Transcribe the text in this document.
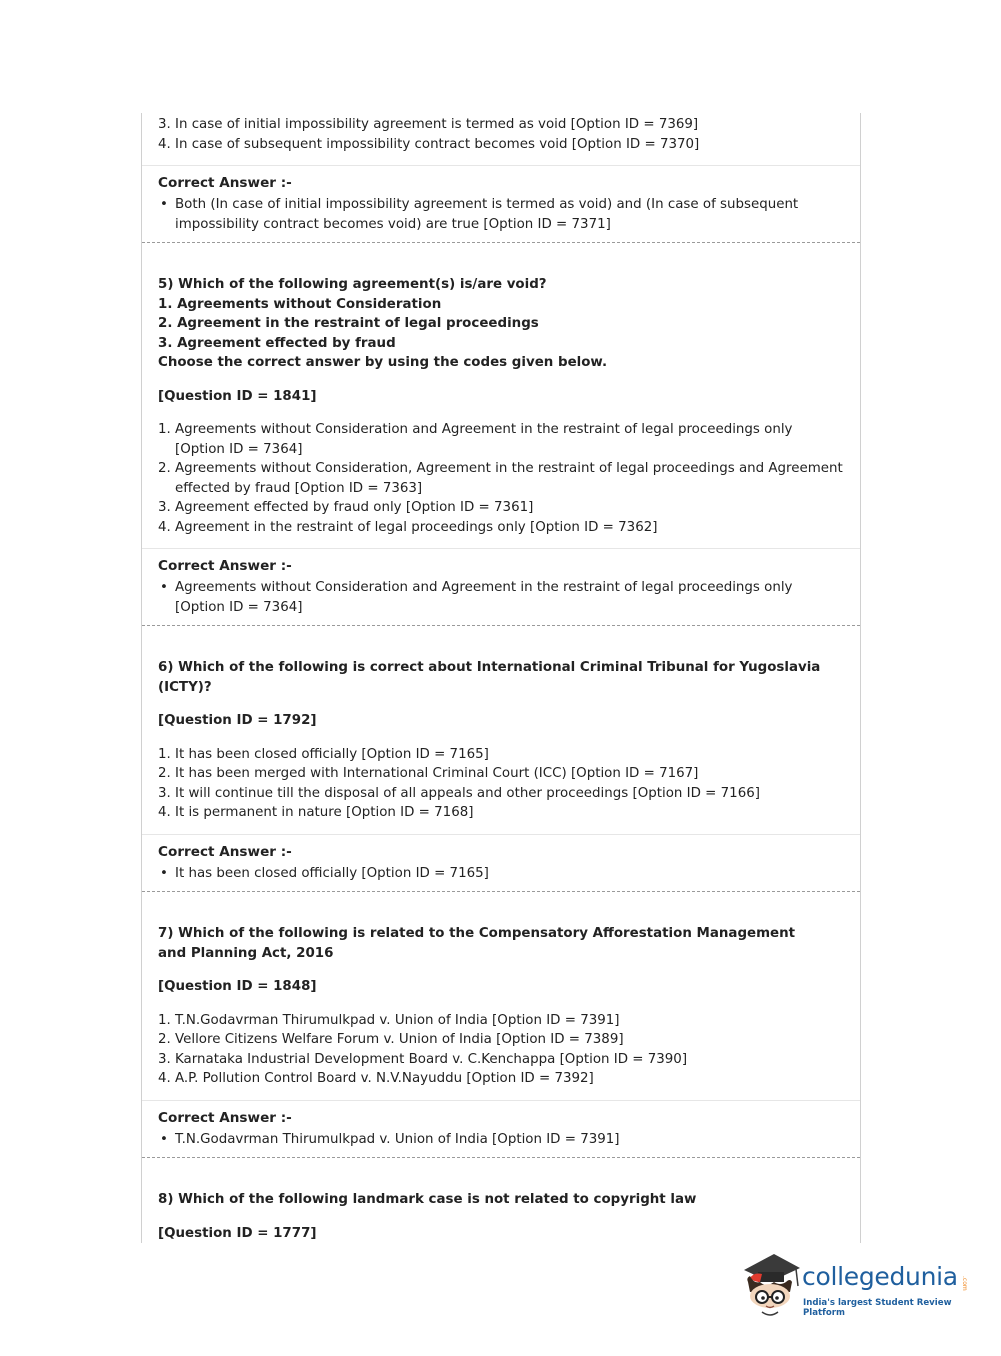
3. In case of initial impossibility agreement is termed as void [Option ID = 7369]
4. In case of subsequent impossibility contract becomes void [Option ID = 7370]
Correct Answer :-
• Both (In case of initial impossibility agreement is termed as void) and (In case of subsequent impossibility contract becomes void) are true [Option ID = 7371]
5) Which of the following agreement(s) is/are void?
1. Agreements without Consideration
2. Agreement in the restraint of legal proceedings
3. Agreement effected by fraud
Choose the correct answer by using the codes given below.
[Question ID = 1841]
1. Agreements without Consideration and Agreement in the restraint of legal proceedings only [Option ID = 7364]
2. Agreements without Consideration, Agreement in the restraint of legal proceedings and Agreement effected by fraud [Option ID = 7363]
3. Agreement effected by fraud only [Option ID = 7361]
4. Agreement in the restraint of legal proceedings only [Option ID = 7362]
Correct Answer :-
• Agreements without Consideration and Agreement in the restraint of legal proceedings only [Option ID = 7364]
6) Which of the following is correct about International Criminal Tribunal for Yugoslavia (ICTY)?
[Question ID = 1792]
1. It has been closed officially [Option ID = 7165]
2. It has been merged with International Criminal Court (ICC) [Option ID = 7167]
3. It will continue till the disposal of all appeals and other proceedings [Option ID = 7166]
4. It is permanent in nature [Option ID = 7168]
Correct Answer :-
• It has been closed officially [Option ID = 7165]
7) Which of the following is related to the Compensatory Afforestation Management and Planning Act, 2016
[Question ID = 1848]
1. T.N.Godavrman Thirumulkpad v. Union of India [Option ID = 7391]
2. Vellore Citizens Welfare Forum v. Union of India [Option ID = 7389]
3. Karnataka Industrial Development Board v. C.Kenchappa [Option ID = 7390]
4. A.P. Pollution Control Board v. N.V.Nayuddu [Option ID = 7392]
Correct Answer :-
• T.N.Godavrman Thirumulkpad v. Union of India [Option ID = 7391]
8) Which of the following landmark case is not related to copyright law
[Question ID = 1777]
collegedunia .com
India's largest Student Review Platform
